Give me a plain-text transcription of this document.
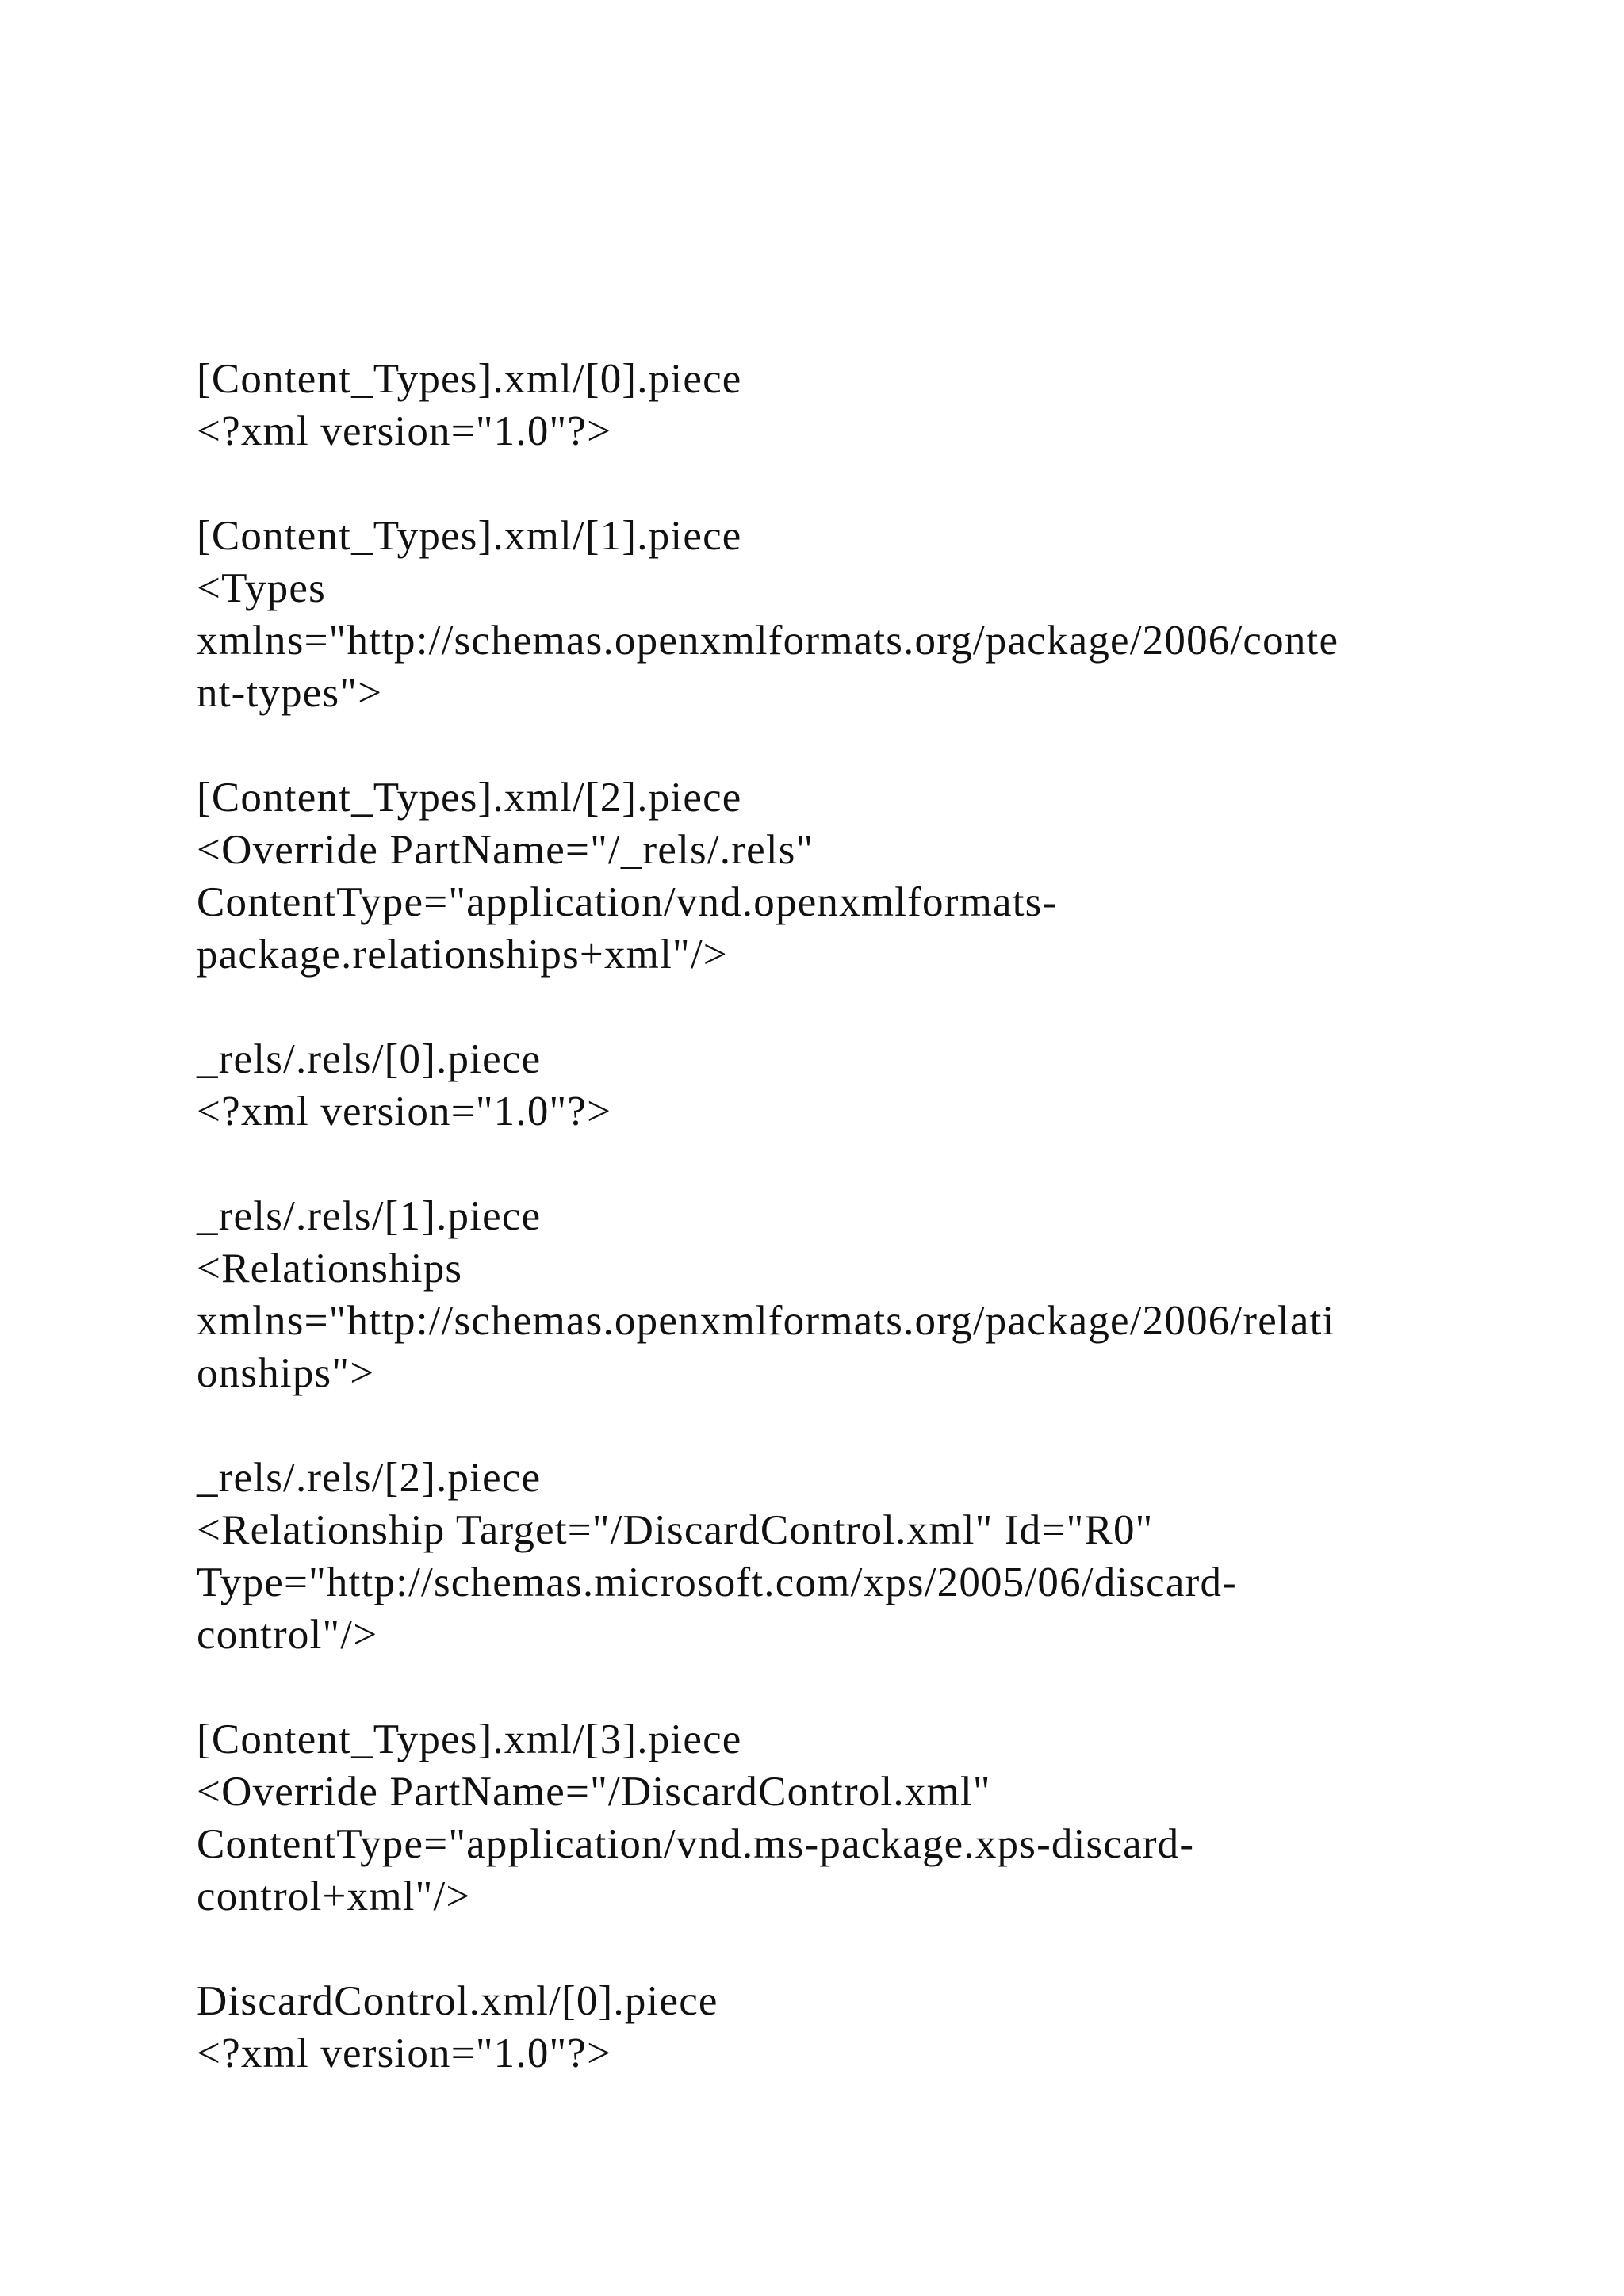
[Content_Types].xml/[0].piece
<?xml version="1.0"?>
[Content_Types].xml/[1].piece
<Types
xmlns="http://schemas.openxmlformats.org/package/2006/conte
nt-types">
[Content_Types].xml/[2].piece
<Override PartName="/_rels/.rels"
ContentType="application/vnd.openxmlformats-
package.relationships+xml"/>
_rels/.rels/[0].piece
<?xml version="1.0"?>
_rels/.rels/[1].piece
<Relationships
xmlns="http://schemas.openxmlformats.org/package/2006/relati
onships">
_rels/.rels/[2].piece
<Relationship Target="/DiscardControl.xml" Id="R0"
Type="http://schemas.microsoft.com/xps/2005/06/discard-
control"/>
[Content_Types].xml/[3].piece
<Override PartName="/DiscardControl.xml"
ContentType="application/vnd.ms-package.xps-discard-
control+xml"/>
DiscardControl.xml/[0].piece
<?xml version="1.0"?>
